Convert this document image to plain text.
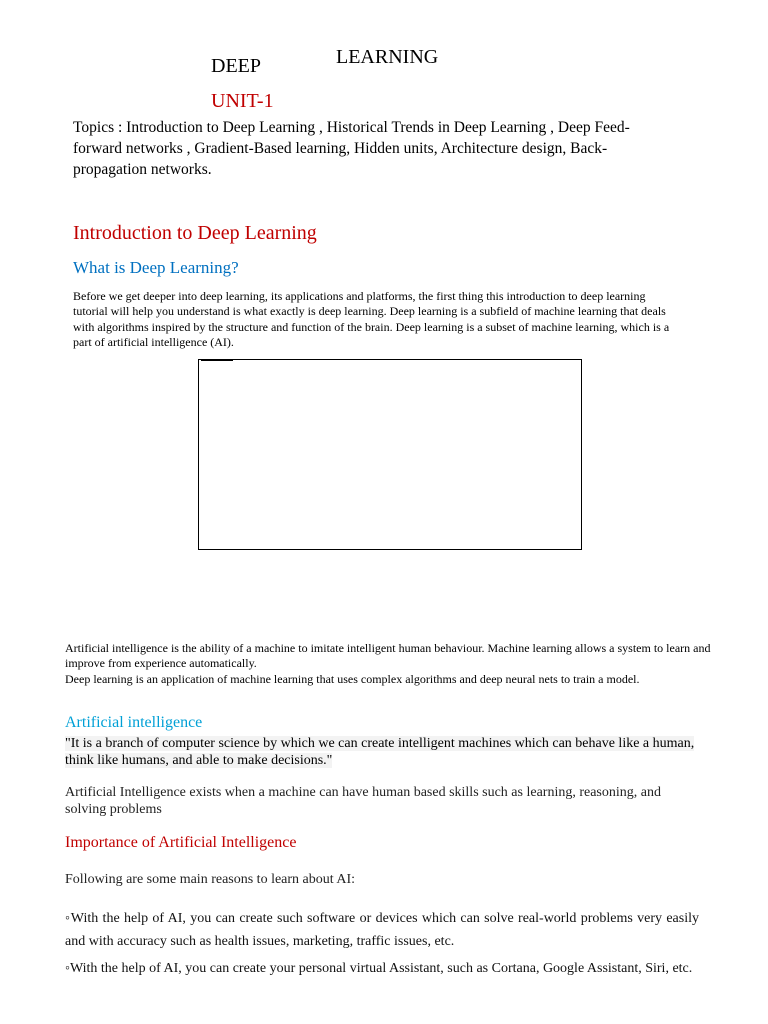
DEEP	LEARNING
UNIT-1

Topics : Introduction to Deep Learning , Historical Trends in Deep Learning , Deep Feed- forward networks , Gradient-Based learning, Hidden units, Architecture design, Back-propagation networks.

Introduction to Deep Learning
What is Deep Learning?

Before we get deeper into deep learning, its applications and platforms, the first thing this introduction to deep learning tutorial will help you understand is what exactly is deep learning. Deep learning is a subfield of machine learning that deals with algorithms inspired by the structure and function of the brain. Deep learning is a subset of machine learning, which is a part of artificial intelligence (AI).

Artificial intelligence is the ability of a machine to imitate intelligent human behaviour. Machine learning allows a system to learn and improve from experience automatically.
Deep learning is an application of machine learning that uses complex algorithms and deep neural nets to train a model.
Artificial intelligence
"It is a branch of computer science by which we can create intelligent machines which can behave like a human, think like humans, and able to make decisions."

Artificial Intelligence exists when a machine can have human based skills such as learning, reasoning, and solving problems

Importance of Artificial Intelligence

Following are some main reasons to learn about AI:

◦With the help of AI, you can create such software or devices which can solve real-world problems very easily and with accuracy such as health issues, marketing, traffic issues, etc.

◦With the help of AI, you can create your personal virtual Assistant, such as Cortana, Google Assistant, Siri, etc.
